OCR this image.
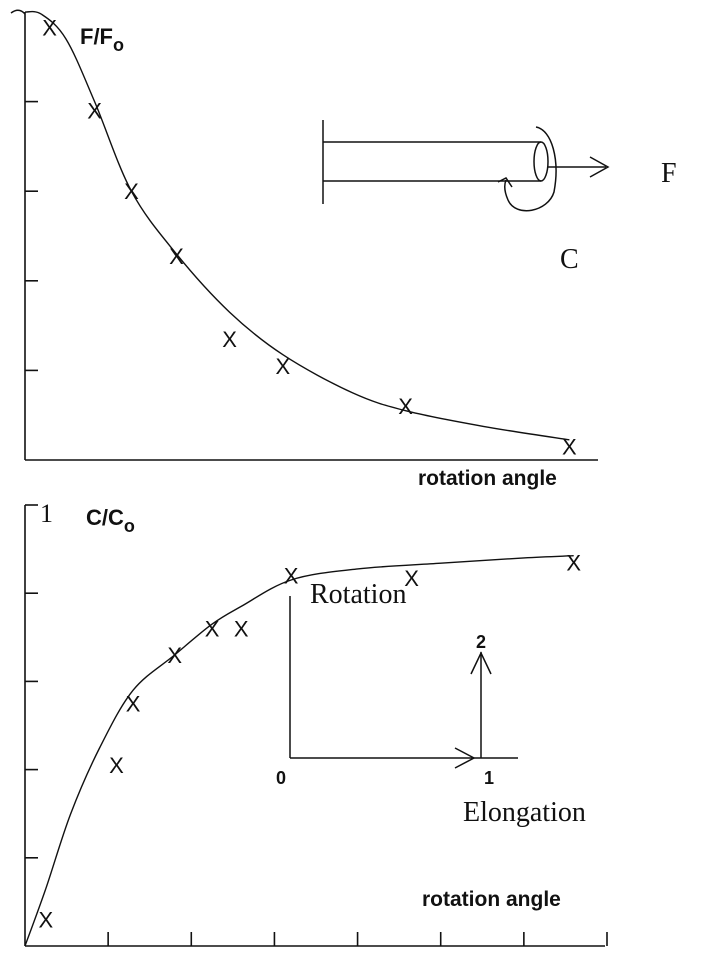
X
X
X
X
X
X
X
X
$F/F_o$
rotation angle
F
C
X
X
X
X
X X
X	X
X
1 $C/C_o$
rotation angle
Rotation
Elongation
0	1
2
